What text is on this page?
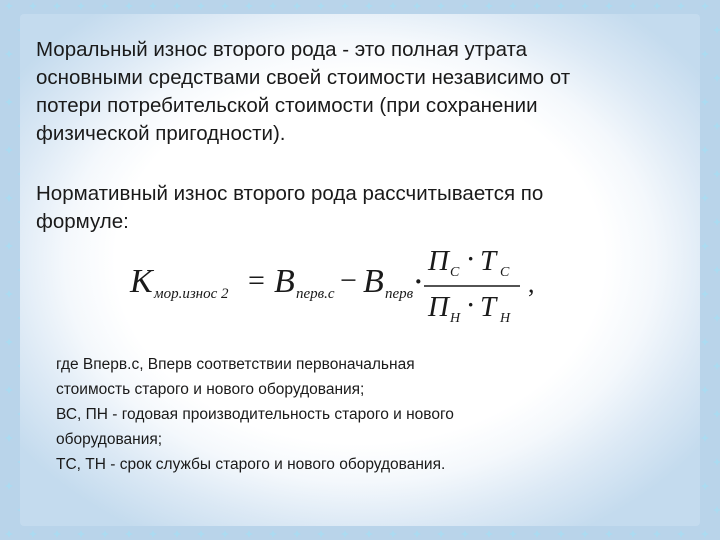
Моральный износ второго рода - это полная утрата
основными средствами своей стоимости независимо от
потери потребительской стоимости (при сохранении
физической пригодности).
Нормативный износ второго рода рассчитывается по
формуле:
К мор.износ 2 = В перв.с − В перв ·
П С
· Т С
П Н
· Т Н
,
где Вперв.с, Вперв соответствии первоначальная
стоимость старого и нового оборудования;
ВС, ПН - годовая производительность старого и нового
оборудования;
ТС, ТН - срок службы старого и нового оборудования.
